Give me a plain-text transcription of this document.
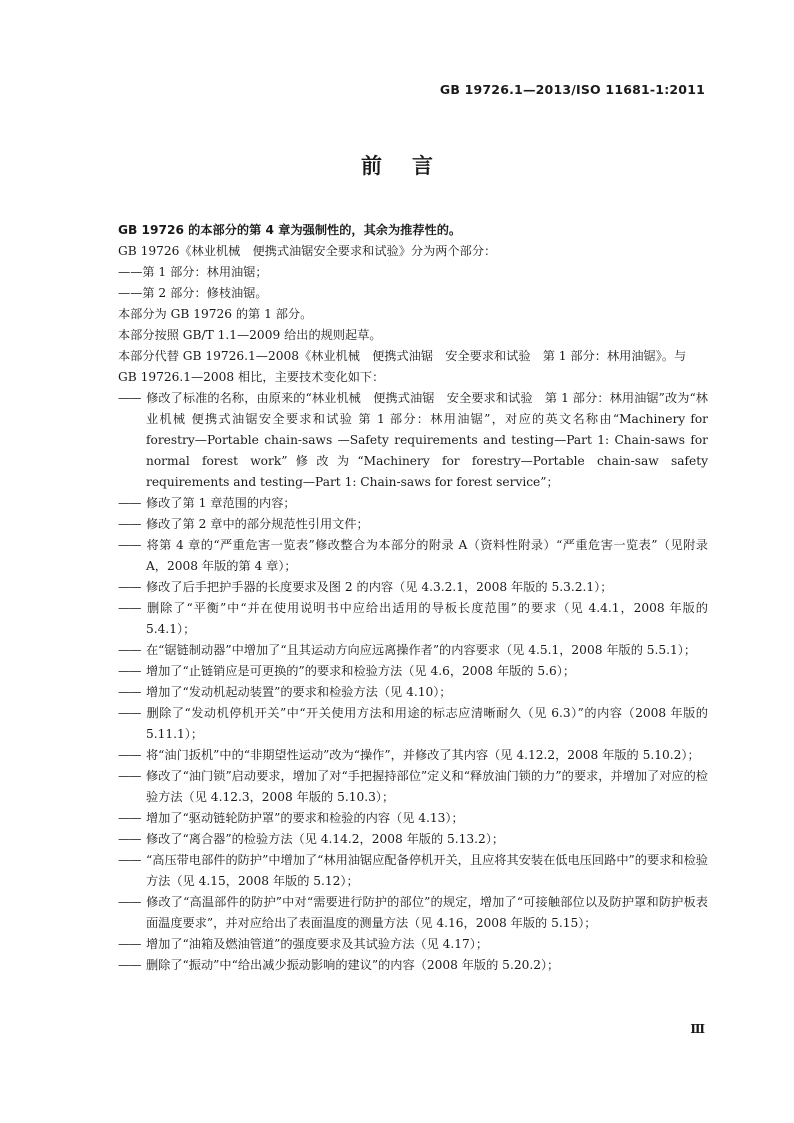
GB 19726.1—2013/ISO 11681-1:2011
前言

GB 19726 的本部分的第 4 章为强制性的，其余为推荐性的。

GB 19726《林业机械　便携式油锯安全要求和试验》分为两个部分：

——第 1 部分：林用油锯；

——第 2 部分：修枝油锯。

本部分为 GB 19726 的第 1 部分。

本部分按照 GB/T 1.1—2009 给出的规则起草。

本部分代替 GB 19726.1—2008《林业机械　便携式油锯　安全要求和试验　第 1 部分：林用油锯》。与 GB 19726.1—2008 相比，主要技术变化如下：

—— 修改了标准的名称，由原来的“林业机械　便携式油锯　安全要求和试验　第 1 部分：林用油锯”改为“林业机械 便携式油锯安全要求和试验 第 1 部分：林用油锯”，对应的英文名称由“Machinery for forestry—Portable chain-saws —Safety requirements and testing—Part 1: Chain-saws for normal forest work”修改为“Machinery for forestry—Portable chain-saw safety requirements and testing—Part 1: Chain-saws for forest service”；

—— 修改了第 1 章范围的内容；

—— 修改了第 2 章中的部分规范性引用文件；

—— 将第 4 章的“严重危害一览表”修改整合为本部分的附录 A（资料性附录）“严重危害一览表”（见附录 A，2008 年版的第 4 章）；

—— 修改了后手把护手器的长度要求及图 2 的内容（见 4.3.2.1，2008 年版的 5.3.2.1）；

—— 删除了“平衡”中“并在使用说明书中应给出适用的导板长度范围”的要求（见 4.4.1，2008 年版的 5.4.1）；

—— 在“锯链制动器”中增加了“且其运动方向应远离操作者”的内容要求（见 4.5.1，2008 年版的 5.5.1）；

—— 增加了“止链销应是可更换的”的要求和检验方法（见 4.6，2008 年版的 5.6）；

—— 增加了“发动机起动装置”的要求和检验方法（见 4.10）；

—— 删除了“发动机停机开关”中“开关使用方法和用途的标志应清晰耐久（见 6.3）”的内容（2008 年版的 5.11.1）；

—— 将“油门扳机”中的“非期望性运动”改为“操作”，并修改了其内容（见 4.12.2，2008 年版的 5.10.2）；

—— 修改了“油门锁”启动要求，增加了对“手把握持部位”定义和“释放油门锁的力”的要求，并增加了对应的检验方法（见 4.12.3，2008 年版的 5.10.3）；

—— 增加了“驱动链轮防护罩”的要求和检验的内容（见 4.13）；

—— 修改了“离合器”的检验方法（见 4.14.2，2008 年版的 5.13.2）；

—— “高压带电部件的防护”中增加了“林用油锯应配备停机开关，且应将其安装在低电压回路中”的要求和检验方法（见 4.15，2008 年版的 5.12）；

—— 修改了“高温部件的防护”中对“需要进行防护的部位”的规定，增加了“可接触部位以及防护罩和防护板表面温度要求”，并对应给出了表面温度的测量方法（见 4.16，2008 年版的 5.15）；

—— 增加了“油箱及燃油管道”的强度要求及其试验方法（见 4.17）；

—— 删除了“振动”中“给出减少振动影响的建议”的内容（2008 年版的 5.20.2）；

Ⅲ
